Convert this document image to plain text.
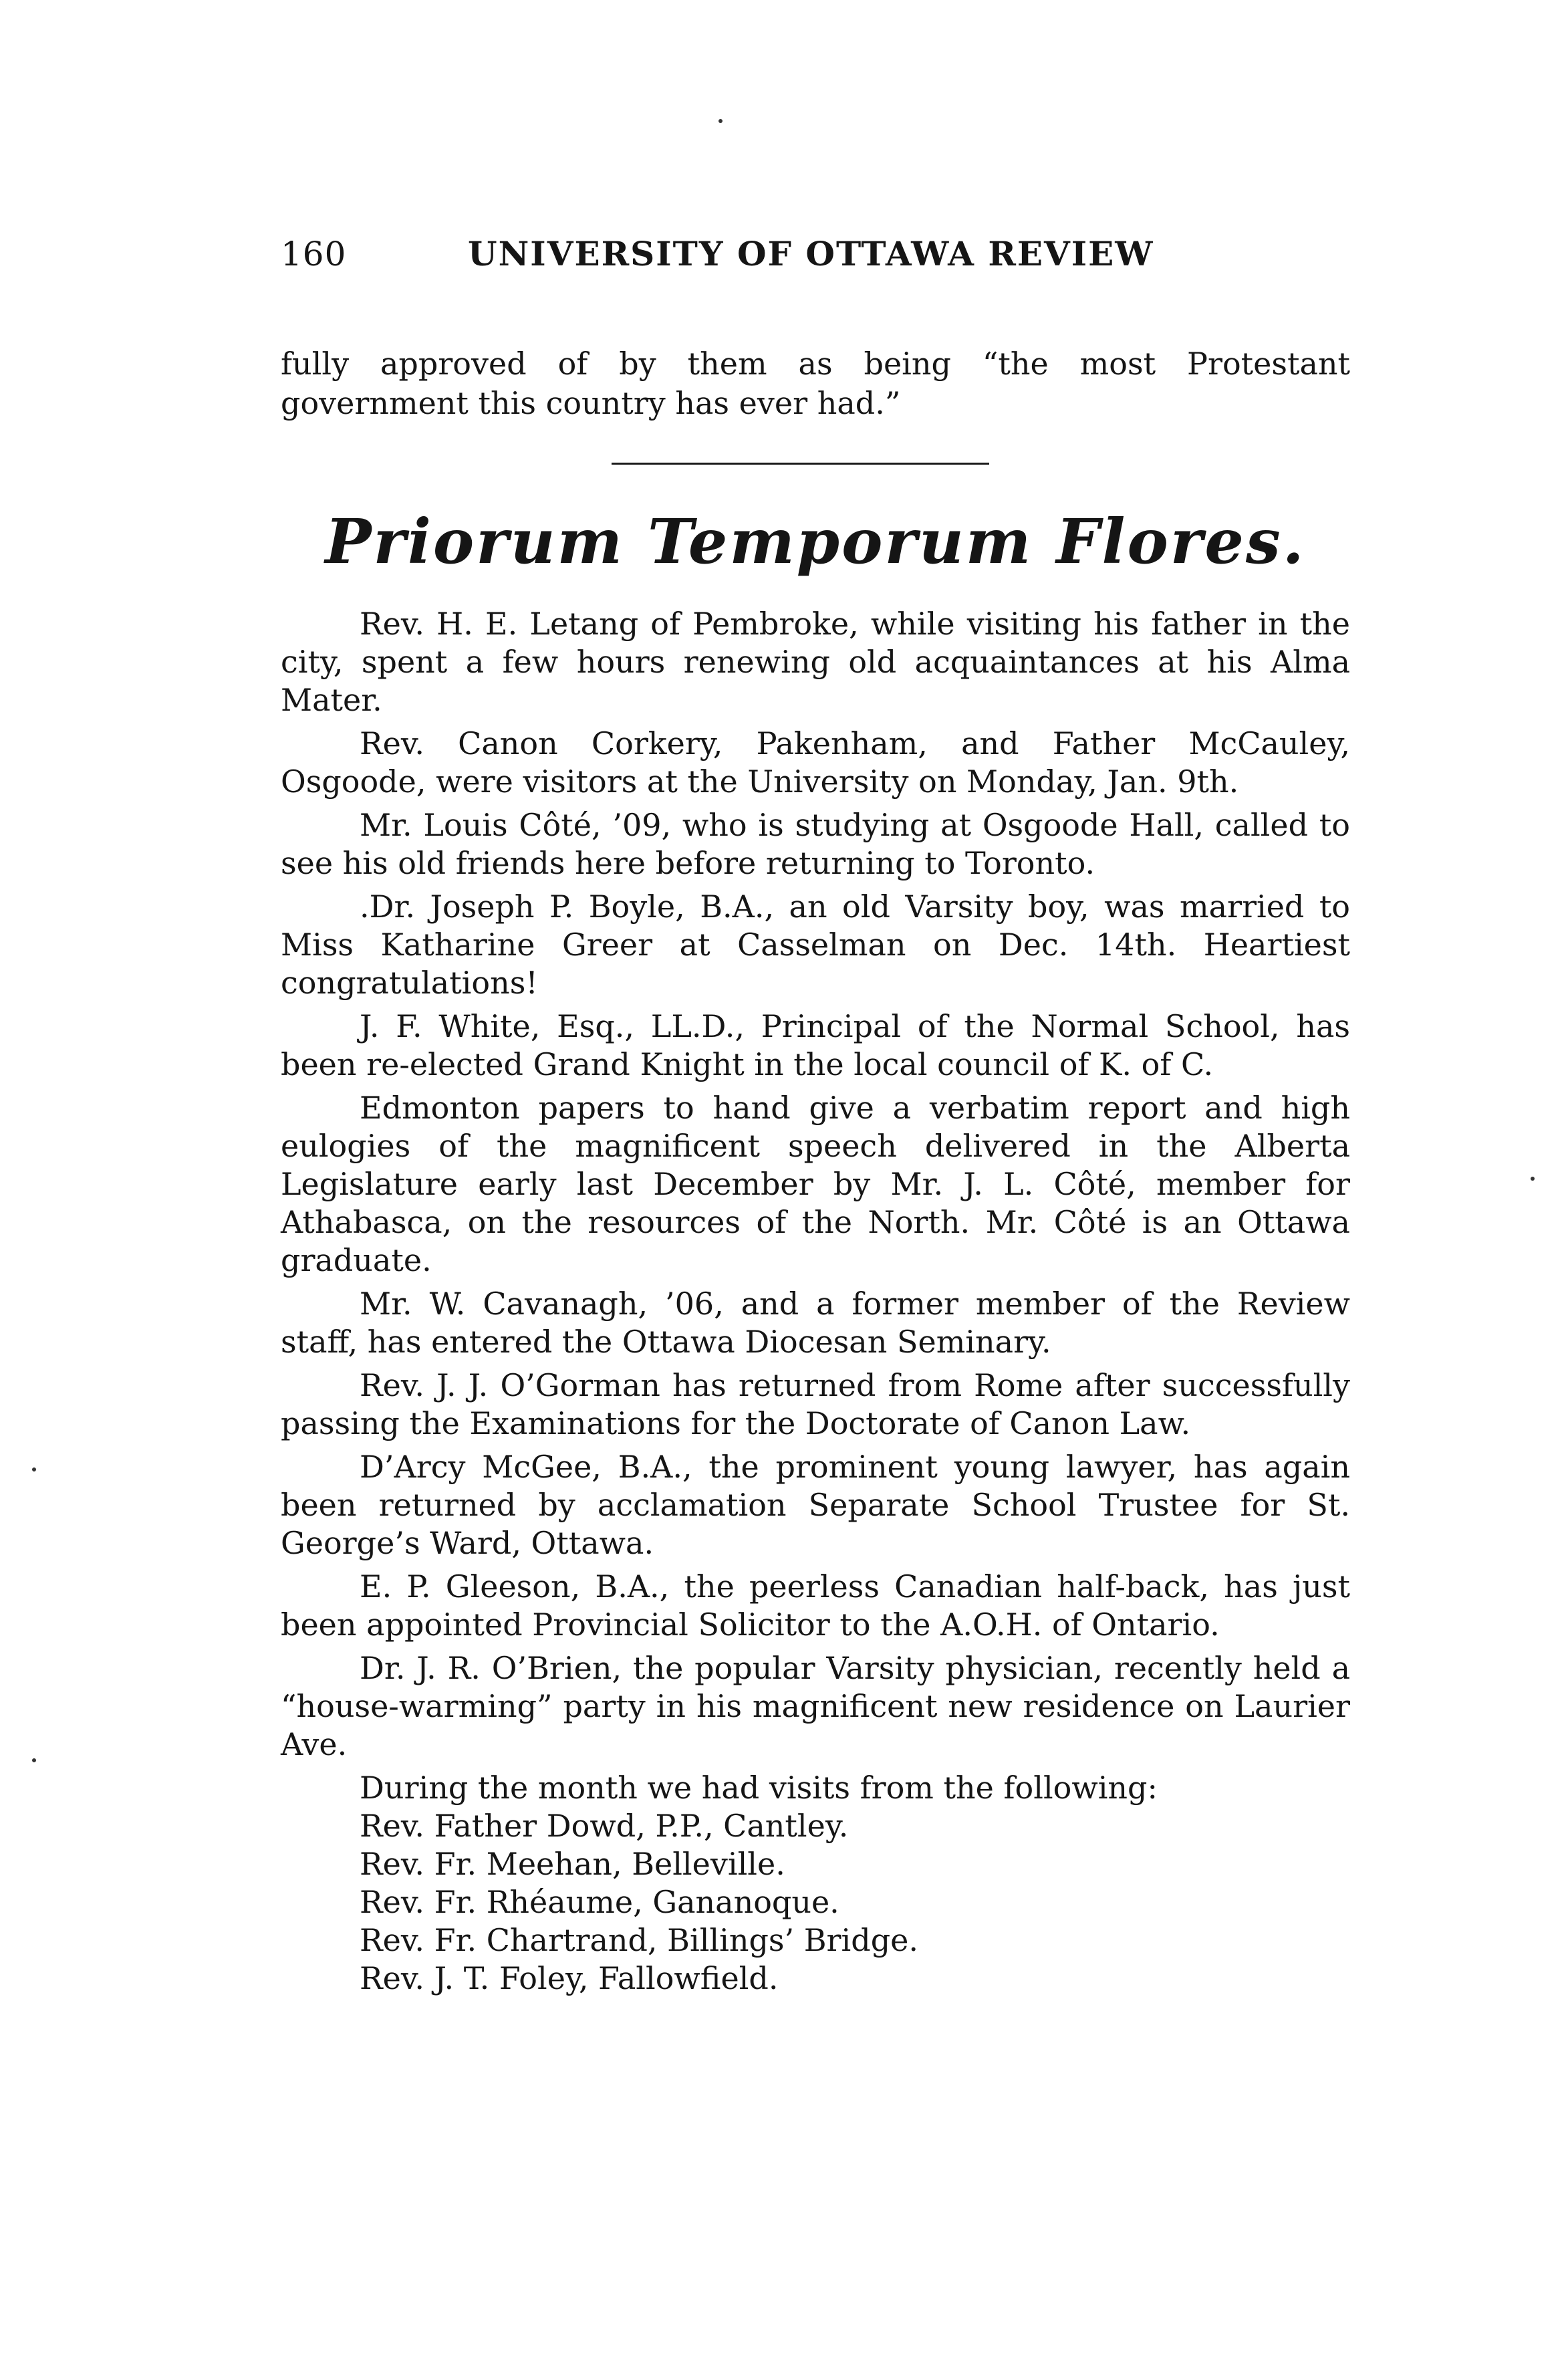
160	UNIVERSITY OF OTTAWA REVIEW

fully approved of by them as being “the most Protestant government this country has ever had.”

Priorum Temporum Flores.

Rev. H. E. Letang of Pembroke, while visiting his father in the city, spent a few hours renewing old acquaintances at his Alma Mater.

Rev. Canon Corkery, Pakenham, and Father McCauley, Osgoode, were visitors at the University on Monday, Jan. 9th.

Mr. Louis Côté, ’09, who is studying at Osgoode Hall, called to see his old friends here before returning to Toronto.

.Dr. Joseph P. Boyle, B.A., an old Varsity boy, was married to Miss Katharine Greer at Casselman on Dec. 14th. Heartiest congratulations!

J. F. White, Esq., LL.D., Principal of the Normal School, has been re-elected Grand Knight in the local council of K. of C.

Edmonton papers to hand give a verbatim report and high eulogies of the magnificent speech delivered in the Alberta Legislature early last December by Mr. J. L. Côté, member for Athabasca, on the resources of the North. Mr. Côté is an Ottawa graduate.

Mr. W. Cavanagh, ’06, and a former member of the Review staff, has entered the Ottawa Diocesan Seminary.

Rev. J. J. O’Gorman has returned from Rome after successfully passing the Examinations for the Doctorate of Canon Law.

D’Arcy McGee, B.A., the prominent young lawyer, has again been returned by acclamation Separate School Trustee for St. George’s Ward, Ottawa.

E. P. Gleeson, B.A., the peerless Canadian half-back, has just been appointed Provincial Solicitor to the A.O.H. of Ontario.

Dr. J. R. O’Brien, the popular Varsity physician, recently held a “house-warming” party in his magnificent new residence on Laurier Ave.

During the month we had visits from the following:

Rev. Father Dowd, P.P., Cantley.
Rev. Fr. Meehan, Belleville.
Rev. Fr. Rhéaume, Gananoque.
Rev. Fr. Chartrand, Billings’ Bridge.
Rev. J. T. Foley, Fallowfield.
